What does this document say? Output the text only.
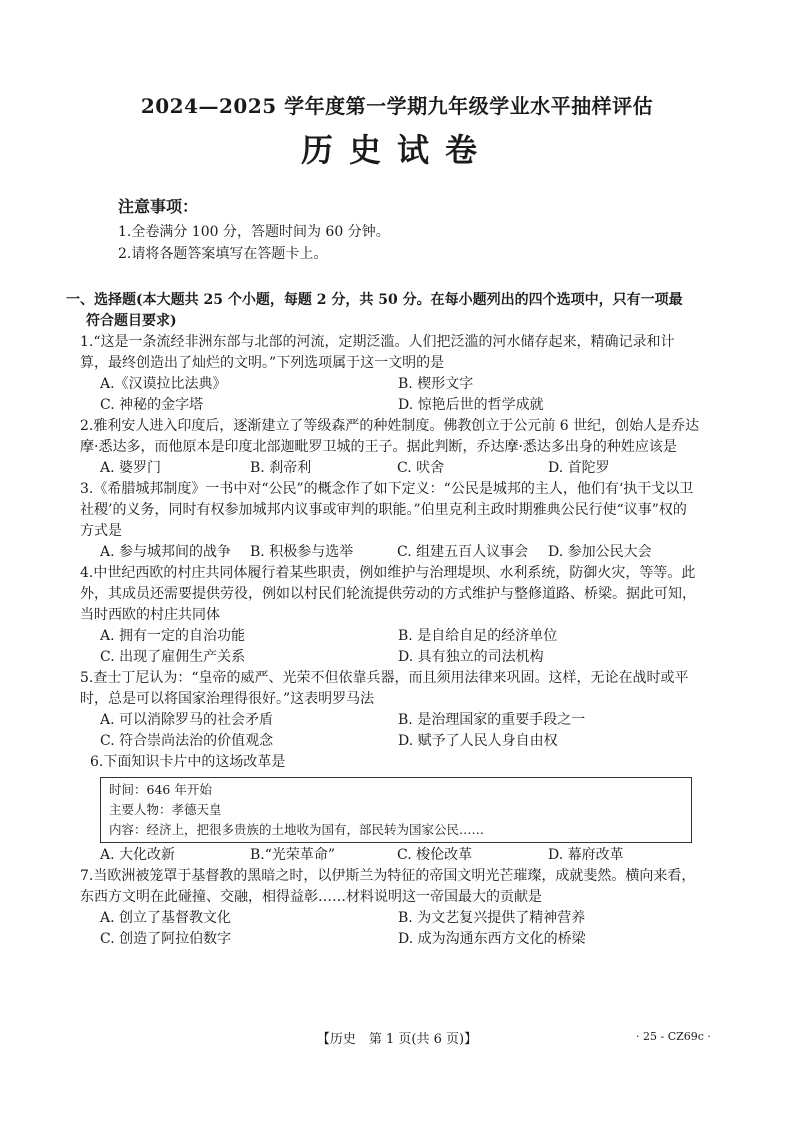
2024—2025 学年度第一学期九年级学业水平抽样评估
历史试卷
注意事项：
1.全卷满分 100 分，答题时间为 60 分钟。
2.请将各题答案填写在答题卡上。
一、选择题(本大题共 25 个小题，每题 2 分，共 50 分。在每小题列出的四个选项中，只有一项最
符合题目要求)
1.“这是一条流经非洲东部与北部的河流，定期泛滥。人们把泛滥的河水储存起来，精确记录和计算，最终创造出了灿烂的文明。”下列选项属于这一文明的是
A.《汉谟拉比法典》	B. 楔形文字
C. 神秘的金字塔	D. 惊艳后世的哲学成就
2.雅利安人进入印度后，逐渐建立了等级森严的种姓制度。佛教创立于公元前 6 世纪，创始人是乔达摩·悉达多，而他原本是印度北部迦毗罗卫城的王子。据此判断，乔达摩·悉达多出身的种姓应该是
A. 婆罗门	B. 刹帝利	C. 吠舍	D. 首陀罗
3.《希腊城邦制度》一书中对“公民”的概念作了如下定义：“公民是城邦的主人，他们有‘执干戈以卫社稷’的义务，同时有权参加城邦内议事或审判的职能。”伯里克利主政时期雅典公民行使“议事”权的方式是
A. 参与城邦间的战争	B. 积极参与选举	C. 组建五百人议事会	D. 参加公民大会
4.中世纪西欧的村庄共同体履行着某些职责，例如维护与治理堤坝、水利系统，防御火灾，等等。此外，其成员还需要提供劳役，例如以村民们轮流提供劳动的方式维护与整修道路、桥梁。据此可知，当时西欧的村庄共同体
A. 拥有一定的自治功能	B. 是自给自足的经济单位
C. 出现了雇佣生产关系	D. 具有独立的司法机构
5.查士丁尼认为：“皇帝的威严、光荣不但依靠兵器，而且须用法律来巩固。这样，无论在战时或平时，总是可以将国家治理得很好。”这表明罗马法
A. 可以消除罗马的社会矛盾	B. 是治理国家的重要手段之一
C. 符合崇尚法治的价值观念	D. 赋予了人民人身自由权
6.下面知识卡片中的这场改革是
时间：646 年开始
主要人物：孝德天皇
内容：经济上，把很多贵族的土地收为国有，部民转为国家公民……
A. 大化改新	B.“光荣革命”	C. 梭伦改革	D. 幕府改革
7.当欧洲被笼罩于基督教的黑暗之时，以伊斯兰为特征的帝国文明光芒璀璨，成就斐然。横向来看，东西方文明在此碰撞、交融，相得益彰……材料说明这一帝国最大的贡献是
A. 创立了基督教文化	B. 为文艺复兴提供了精神营养
C. 创造了阿拉伯数字	D. 成为沟通东西方文化的桥梁
【历史　第 1 页(共 6 页)】	· 25 - CZ69c ·
